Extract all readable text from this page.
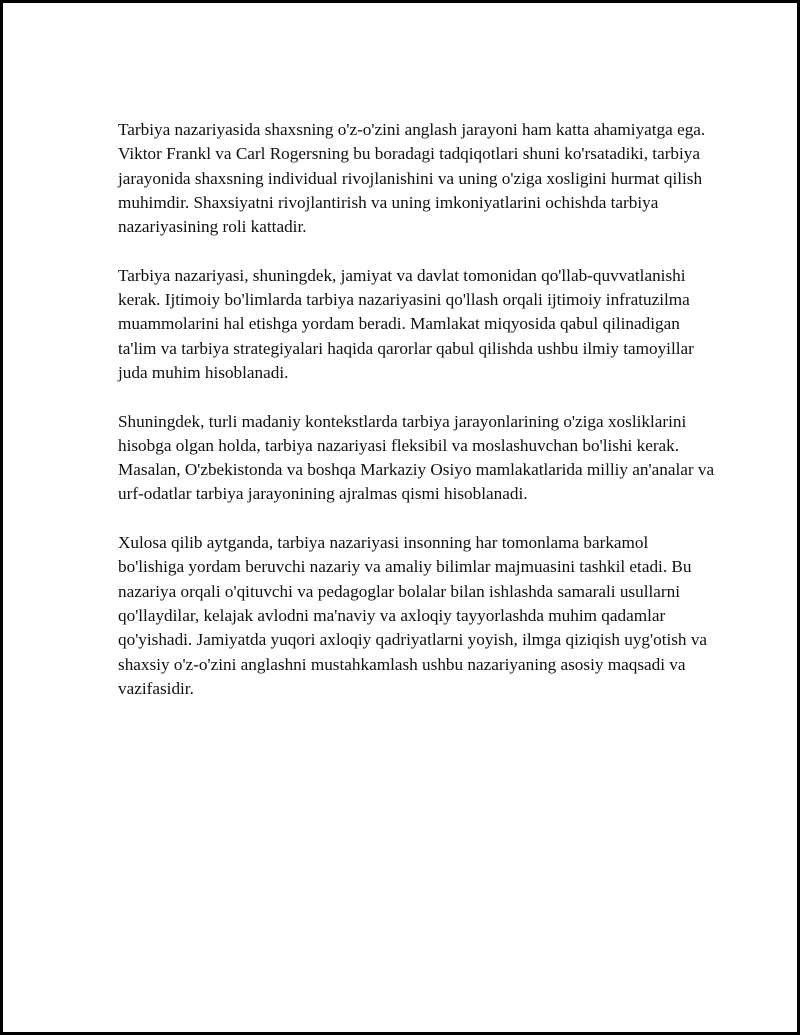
Tarbiya nazariyasida shaxsning o'z-o'zini anglash jarayoni ham katta ahamiyatga ega. Viktor Frankl va Carl Rogersning bu boradagi tadqiqotlari shuni ko'rsatadiki, tarbiya jarayonida shaxsning individual rivojlanishini va uning o'ziga xosligini hurmat qilish muhimdir. Shaxsiyatni rivojlantirish va uning imkoniyatlarini ochishda tarbiya nazariyasining roli kattadir.

Tarbiya nazariyasi, shuningdek, jamiyat va davlat tomonidan qo'llab-quvvatlanishi kerak. Ijtimoiy bo'limlarda tarbiya nazariyasini qo'llash orqali ijtimoiy infratuzilma muammolarini hal etishga yordam beradi. Mamlakat miqyosida qabul qilinadigan ta'lim va tarbiya strategiyalari haqida qarorlar qabul qilishda ushbu ilmiy tamoyillar juda muhim hisoblanadi.

Shuningdek, turli madaniy kontekstlarda tarbiya jarayonlarining o'ziga xosliklarini hisobga olgan holda, tarbiya nazariyasi fleksibil va moslashuvchan bo'lishi kerak. Masalan, O'zbekistonda va boshqa Markaziy Osiyo mamlakatlarida milliy an'analar va urf-odatlar tarbiya jarayonining ajralmas qismi hisoblanadi.

Xulosa qilib aytganda, tarbiya nazariyasi insonning har tomonlama barkamol bo'lishiga yordam beruvchi nazariy va amaliy bilimlar majmuasini tashkil etadi. Bu nazariya orqali o'qituvchi va pedagoglar bolalar bilan ishlashda samarali usullarni qo'llaydilar, kelajak avlodni ma'naviy va axloqiy tayyorlashda muhim qadamlar qo'yishadi. Jamiyatda yuqori axloqiy qadriyatlarni yoyish, ilmga qiziqish uyg'otish va shaxsiy o'z-o'zini anglashni mustahkamlash ushbu nazariyaning asosiy maqsadi va vazifasidir.
